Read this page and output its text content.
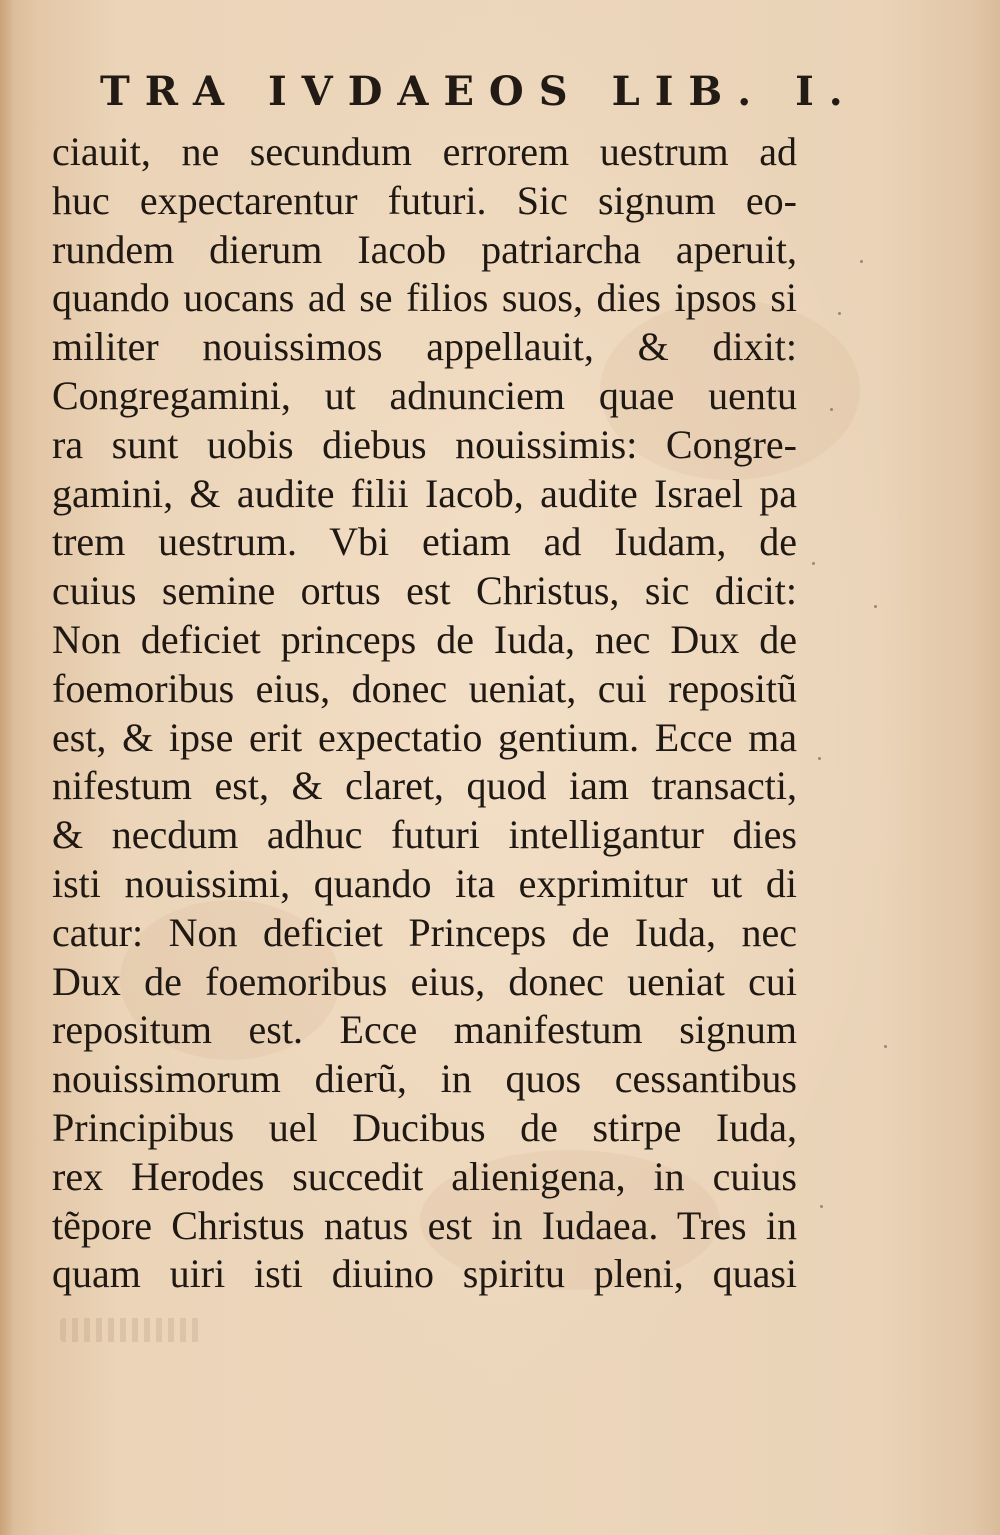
TRA IVDAEOS LIB. I.
ciauit, ne secundum errorem uestrum ad
huc expectarentur futuri. Sic signum eo-
rundem dierum Iacob patriarcha aperuit,
quando uocans ad se filios suos, dies ipsos si
militer nouissimos appellauit, & dixit:
Congregamini, ut adnunciem quae uentu
ra sunt uobis diebus nouissimis: Congre-
gamini, & audite filii Iacob, audite Israel pa
trem uestrum. Vbi etiam ad Iudam, de
cuius semine ortus est Christus, sic dicit:
Non deficiet princeps de Iuda, nec Dux de
foemoribus eius, donec ueniat, cui repositũ
est, & ipse erit expectatio gentium. Ecce ma
nifestum est, & claret, quod iam transacti,
& necdum adhuc futuri intelligantur dies
isti nouissimi, quando ita exprimitur ut di
catur: Non deficiet Princeps de Iuda, nec
Dux de foemoribus eius, donec ueniat cui
repositum est. Ecce manifestum signum
nouissimorum dierũ, in quos cessantibus
Principibus uel Ducibus de stirpe Iuda,
rex Herodes succedit alienigena, in cuius
tẽpore Christus natus est in Iudaea. Tres in
quam uiri isti diuino spiritu pleni, quasi
